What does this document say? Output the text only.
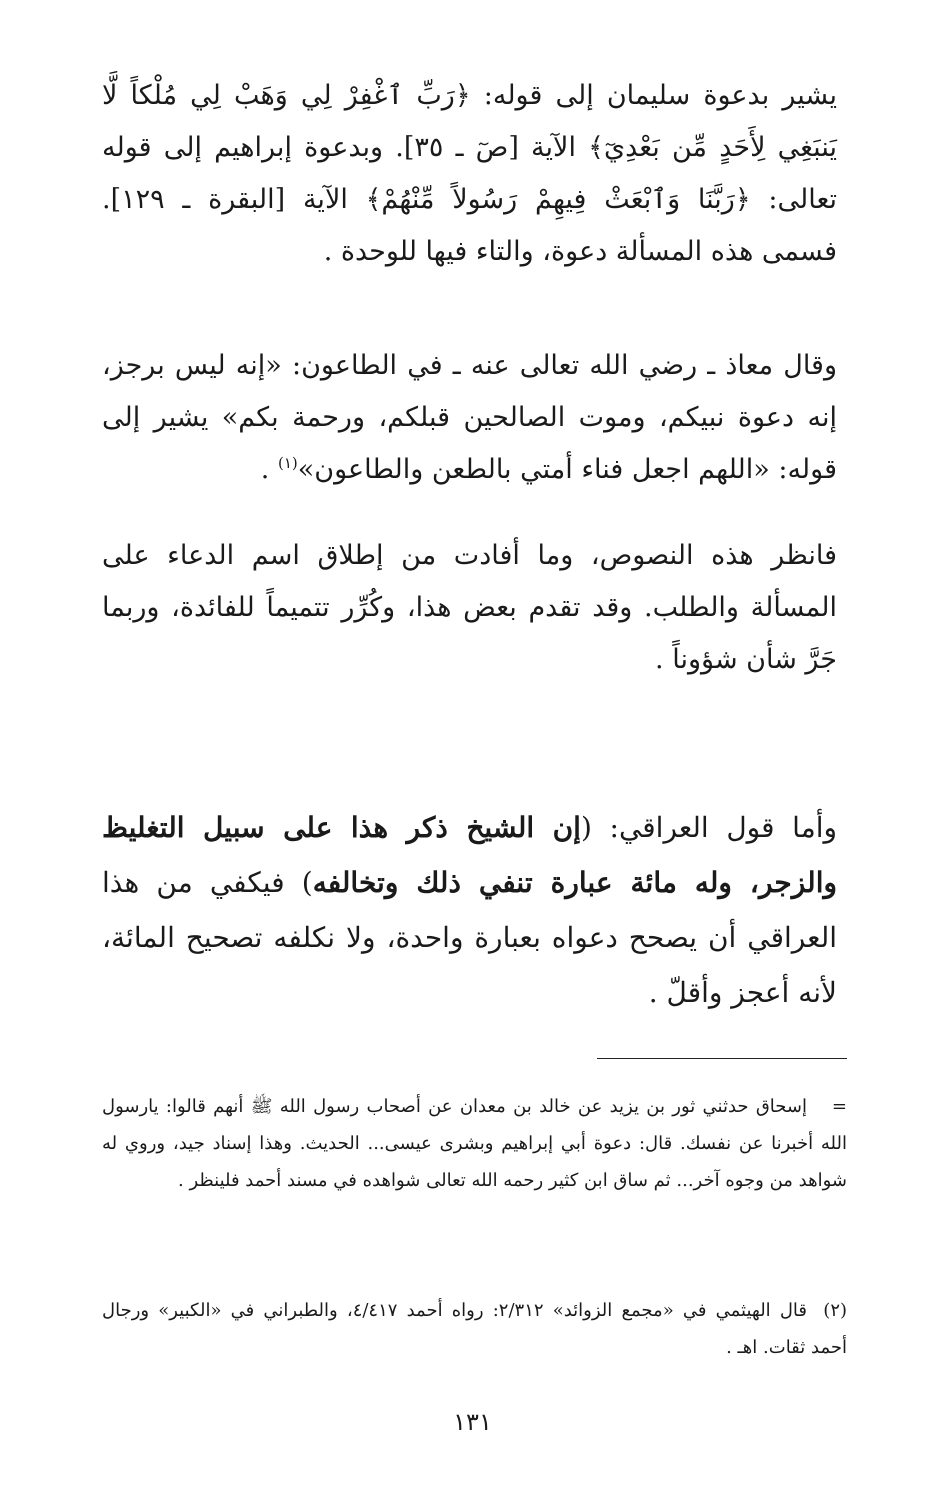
يشير بدعوة سليمان إلى قوله: ﴿رَبِّ ٱغْفِرْ لِي وَهَبْ لِي مُلْكاً لَّا يَنبَغِي لِأَحَدٍ مِّن بَعْدِيٓ﴾ الآية [صٓ ـ ٣٥]. وبدعوة إبراهيم إلى قوله تعالى: ﴿رَبَّنَا وَٱبْعَثْ فِيهِمْ رَسُولاً مِّنْهُمْ﴾ الآية [البقرة ـ ١٢٩]. فسمى هذه المسألة دعوة، والتاء فيها للوحدة .

وقال معاذ ـ رضي الله تعالى عنه ـ في الطاعون: «إنه ليس برجز، إنه دعوة نبيكم، وموت الصالحين قبلكم، ورحمة بكم» يشير إلى قوله: «اللهم اجعل فناء أمتي بالطعن والطاعون»$^{(١)}$ .

فانظر هذه النصوص، وما أفادت من إطلاق اسم الدعاء على المسألة والطلب. وقد تقدم بعض هذا، وكُرِّر تتميماً للفائدة، وربما جَرَّ شأن شؤوناً .

وأما قول العراقي: (إن الشيخ ذكر هذا على سبيل التغليظ والزجر، وله مائة عبارة تنفي ذلك وتخالفه) فيكفي من هذا العراقي أن يصحح دعواه بعبارة واحدة، ولا نكلفه تصحيح المائة، لأنه أعجز وأقلّ .

=إسحاق حدثني ثور بن يزيد عن خالد بن معدان عن أصحاب رسول الله ﷺ أنهم قالوا: يارسول الله أخبرنا عن نفسك. قال: دعوة أبي إبراهيم وبشرى عيسى... الحديث. وهذا إسناد جيد، وروي له شواهد من وجوه آخر... ثم ساق ابن كثير رحمه الله تعالى شواهده في مسند أحمد فلينظر .

(٢)قال الهيثمي في «مجمع الزوائد» ٢/٣١٢: رواه أحمد ٤/٤١٧، والطبراني في «الكبير» ورجال أحمد ثقات. اهـ .

١٣١
